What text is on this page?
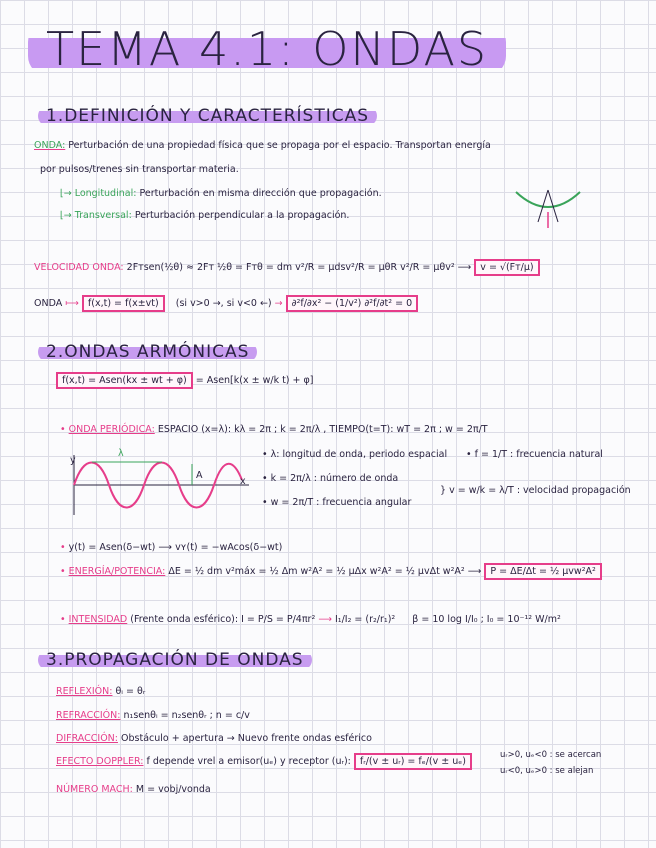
TEMA 4.1: ONDAS
1.DEFINICIÓN Y CARACTERÍSTICAS
ONDA: Perturbación de una propiedad física que se propaga por el espacio. Transportan energía
por pulsos/trenes sin transportar materia.
⌊→ Longitudinal: Perturbación en misma dirección que propagación.
⌊→ Transversal: Perturbación perpendicular a la propagación.
VELOCIDAD ONDA: 2Fᴛsen(½θ) ≈ 2Fᴛ ½θ = Fᴛθ = dm v²/R = μdsv²/R = μθR v²/R = μθv² ⟶ v = √(Fᴛ/μ)
ONDA ⟼ f(x,t) = f(x±vt) (si v>0 →, si v<0 ←) → ∂²f/∂x² − (1/v²) ∂²f/∂t² = 0
2.ONDAS ARMÓNICAS
f(x,t) = Asen(kx ± wt + φ) = Asen[k(x ± w/k t) + φ]
• ONDA PERIÓDICA: ESPACIO (x=λ): kλ = 2π ; k = 2π/λ , TIEMPO(t=T): wT = 2π ; w = 2π/T
y
x
λ
A
• λ: longitud de onda, periodo espacial
• k = 2π/λ : número de onda
• w = 2π/T : frecuencia angular
• f = 1/T : frecuencia natural
} v = w/k = λ/T : velocidad propagación
• y(t) = Asen(δ−wt) ⟶ vʏ(t) = −wAcos(δ−wt)
• ENERGÍA/POTENCIA: ΔE = ½ dm v²máx = ½ Δm w²A² = ½ μΔx w²A² = ½ μvΔt w²A² ⟶ P = ΔE/Δt = ½ μvw²A²
• INTENSIDAD (Frente onda esférico): I = P/S = P/4πr² ⟶ I₁/I₂ = (r₂/r₁)² β = 10 log I/I₀ ; I₀ = 10⁻¹² W/m²
3.PROPAGACIÓN DE ONDAS
REFLEXIÓN: θᵢ = θᵣ
REFRACCIÓN: n₁senθᵢ = n₂senθᵣ ; n = c/v
DIFRACCIÓN: Obstáculo + apertura → Nuevo frente ondas esférico
EFECTO DOPPLER: f depende vrel a emisor(uₑ) y receptor (uᵣ): fᵣ/(v ± uᵣ) = fₑ/(v ± uₑ)
uᵣ>0, uₑ<0 : se acercan
uᵣ<0, uₑ>0 : se alejan
NÚMERO MACH: M = vobj/vonda
